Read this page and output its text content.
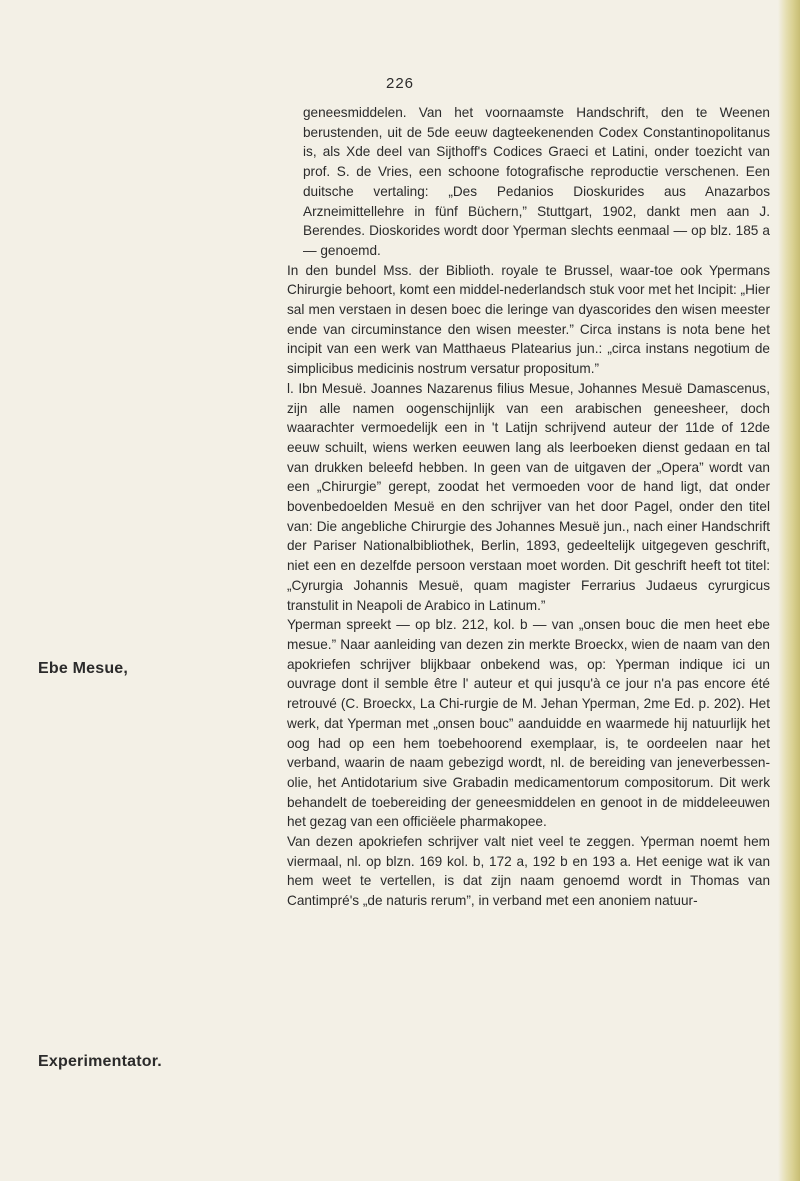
226
Ebe Mesue,
Experimentator.

geneesmiddelen. Van het voornaamste Handschrift, den te Weenen berustenden, uit de 5de eeuw dagteekenenden Codex Constantinopolitanus is, als Xde deel van Sijthoff's Codices Graeci et Latini, onder toezicht van prof. S. de Vries, een schoone fotografische reproductie verschenen. Een duitsche vertaling: „Des Pedanios Dioskurides aus Anazarbos Arzneimittellehre in fünf Büchern,” Stuttgart, 1902, dankt men aan J. Berendes. Dioskorides wordt door Yperman slechts eenmaal — op blz. 185 a — genoemd.

In den bundel Mss. der Biblioth. royale te Brussel, waar-toe ook Ypermans Chirurgie behoort, komt een middel-nederlandsch stuk voor met het Incipit: „Hier sal men verstaen in desen boec die leringe van dyascorides den wisen meester ende van circuminstance den wisen meester.” Circa instans is nota bene het incipit van een werk van Matthaeus Platearius jun.: „circa instans negotium de simplicibus medicinis nostrum versatur propositum.”

l. Ibn Mesuë. Joannes Nazarenus filius Mesue, Johannes Mesuë Damascenus, zijn alle namen oogenschijnlijk van een arabischen geneesheer, doch waarachter vermoedelijk een in 't Latijn schrijvend auteur der 11de of 12de eeuw schuilt, wiens werken eeuwen lang als leerboeken dienst gedaan en tal van drukken beleefd hebben. In geen van de uitgaven der „Opera” wordt van een „Chirurgie” gerept, zoodat het vermoeden voor de hand ligt, dat onder bovenbedoelden Mesuë en den schrijver van het door Pagel, onder den titel van: Die angebliche Chirurgie des Johannes Mesuë jun., nach einer Handschrift der Pariser Nationalbibliothek, Berlin, 1893, gedeeltelijk uitgegeven geschrift, niet een en dezelfde persoon verstaan moet worden. Dit geschrift heeft tot titel: „Cyrurgia Johannis Mesuë, quam magister Ferrarius Judaeus cyrurgicus transtulit in Neapoli de Arabico in Latinum.”

Yperman spreekt — op blz. 212, kol. b — van „onsen bouc die men heet ebe mesue.” Naar aanleiding van dezen zin merkte Broeckx, wien de naam van den apokriefen schrijver blijkbaar onbekend was, op: Yperman indique ici un ouvrage dont il semble être l' auteur et qui jusqu'à ce jour n'a pas encore été retrouvé (C. Broeckx, La Chi-rurgie de M. Jehan Yperman, 2me Ed. p. 202). Het werk, dat Yperman met „onsen bouc” aanduidde en waarmede hij natuurlijk het oog had op een hem toebehoorend exemplaar, is, te oordeelen naar het verband, waarin de naam gebezigd wordt, nl. de bereiding van jeneverbessen-olie, het Antidotarium sive Grabadin medicamentorum compositorum. Dit werk behandelt de toebereiding der geneesmiddelen en genoot in de middeleeuwen het gezag van een officiëele pharmakopee.

Van dezen apokriefen schrijver valt niet veel te zeggen. Yperman noemt hem viermaal, nl. op blzn. 169 kol. b, 172 a, 192 b en 193 a. Het eenige wat ik van hem weet te vertellen, is dat zijn naam genoemd wordt in Thomas van Cantimpré's „de naturis rerum”, in verband met een anoniem natuur-
